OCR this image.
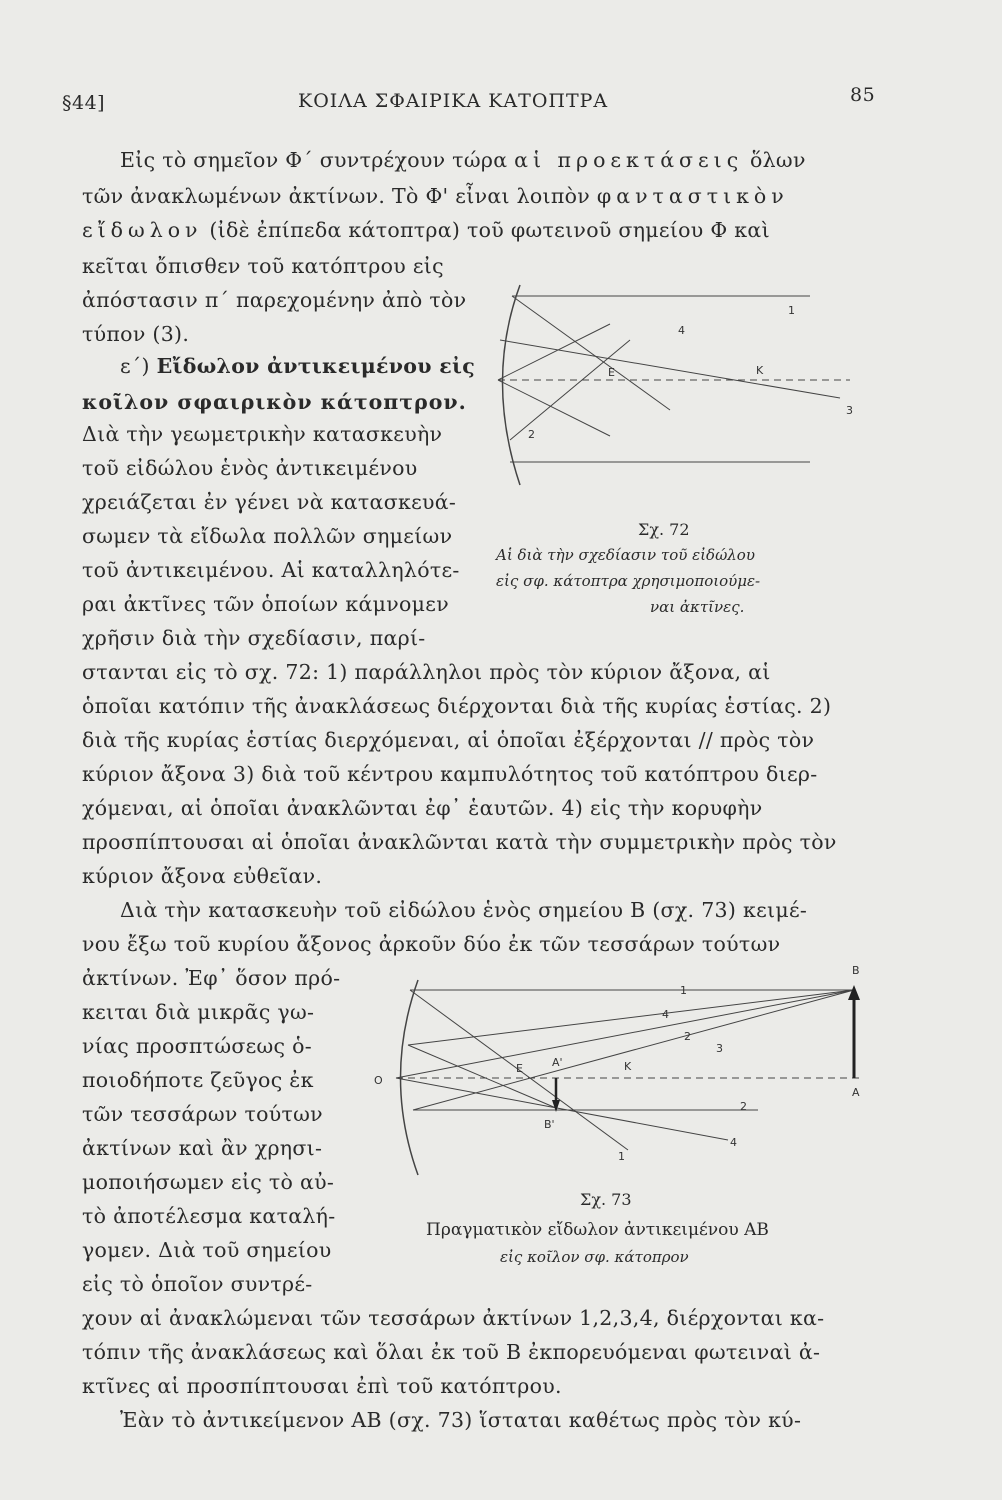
§44]	ΚΟΙΛΑ ΣΦΑΙΡΙΚΑ ΚΑΤΟΠΤΡΑ	85
Εἰς τὸ σημεῖον Φ΄ συντρέχουν τώρα αἱ προεκτάσεις ὅλων
τῶν ἀνακλωμένων ἀκτίνων. Τὸ Φ' εἶναι λοιπὸν φανταστικὸν
εἴδωλον (ἰδὲ ἐπίπεδα κάτοπτρα) τοῦ φωτεινοῦ σημείου Φ καὶ
κεῖται ὄπισθεν τοῦ κατόπτρου εἰς
ἀπόστασιν π΄ παρεχομένην ἀπὸ τὸν
τύπον (3).
ε΄) Εἴδωλον ἀντικειμένου εἰς
κοῖλον σφαιρικὸν κάτοπτρον.
Διὰ τὴν γεωμετρικὴν κατασκευὴν
τοῦ εἰδώλου ἑνὸς ἀντικειμένου
χρειάζεται ἐν γένει νὰ κατασκευά-
σωμεν τὰ εἴδωλα πολλῶν σημείων
τοῦ ἀντικειμένου. Αἱ καταλληλότε-
ραι ἀκτῖνες τῶν ὁποίων κάμνομεν
χρῆσιν διὰ τὴν σχεδίασιν, παρί-
στανται εἰς τὸ σχ. 72: 1) παράλληλοι πρὸς τὸν κύριον ἄξονα, αἱ
ὁποῖαι κατόπιν τῆς ἀνακλάσεως διέρχονται διὰ τῆς κυρίας ἑστίας. 2)
διὰ τῆς κυρίας ἑστίας διερχόμεναι, αἱ ὁποῖαι ἐξέρχονται // πρὸς τὸν
κύριον ἄξονα 3) διὰ τοῦ κέντρου καμπυλότητος τοῦ κατόπτρου διερ-
χόμεναι, αἱ ὁποῖαι ἀνακλῶνται ἐφ᾽ ἑαυτῶν. 4) εἰς τὴν κορυφὴν
προσπίπτουσαι αἱ ὁποῖαι ἀνακλῶνται κατὰ τὴν συμμετρικὴν πρὸς τὸν
κύριον ἄξονα εὐθεῖαν.
Διὰ τὴν κατασκευὴν τοῦ εἰδώλου ἑνὸς σημείου Β (σχ. 73) κειμέ-
νου ἔξω τοῦ κυρίου ἄξονος ἀρκοῦν δύο ἐκ τῶν τεσσάρων τούτων
ἀκτίνων. Ἐφ᾽ ὅσον πρό-
κειται διὰ μικρᾶς γω-
νίας προσπτώσεως ὁ-
ποιοδήποτε ζεῦγος ἐκ
τῶν τεσσάρων τούτων
ἀκτίνων καὶ ἂν χρησι-
μοποιήσωμεν εἰς τὸ αὐ-
τὸ ἀποτέλεσμα καταλή-
γομεν. Διὰ τοῦ σημείου
εἰς τὸ ὁποῖον συντρέ-
χουν αἱ ἀνακλώμεναι τῶν τεσσάρων ἀκτίνων 1,2,3,4, διέρχονται κα-
τόπιν τῆς ἀνακλάσεως καὶ ὅλαι ἐκ τοῦ Β ἐκπορευόμεναι φωτειναὶ ἀ-
κτῖνες αἱ προσπίπτουσαι ἐπὶ τοῦ κατόπτρου.
Ἐὰν τὸ ἀντικείμενον ΑΒ (σχ. 73) ἵσταται καθέτως πρὸς τὸν κύ-
4
1
E	K
3
2
Σχ. 72
Αἱ διὰ τὴν σχεδίασιν τοῦ εἰδώλου
εἰς σφ. κάτοπτρα χρησιμοποιούμε-
ναι ἀκτῖνες.
B
A
O
E	A'	K
B'
1
4
2
3
2
4
1
Σχ. 73
Πραγματικὸν εἴδωλον ἀντικειμένου ΑΒ
εἰς κοῖλον σφ. κάτοπρον
